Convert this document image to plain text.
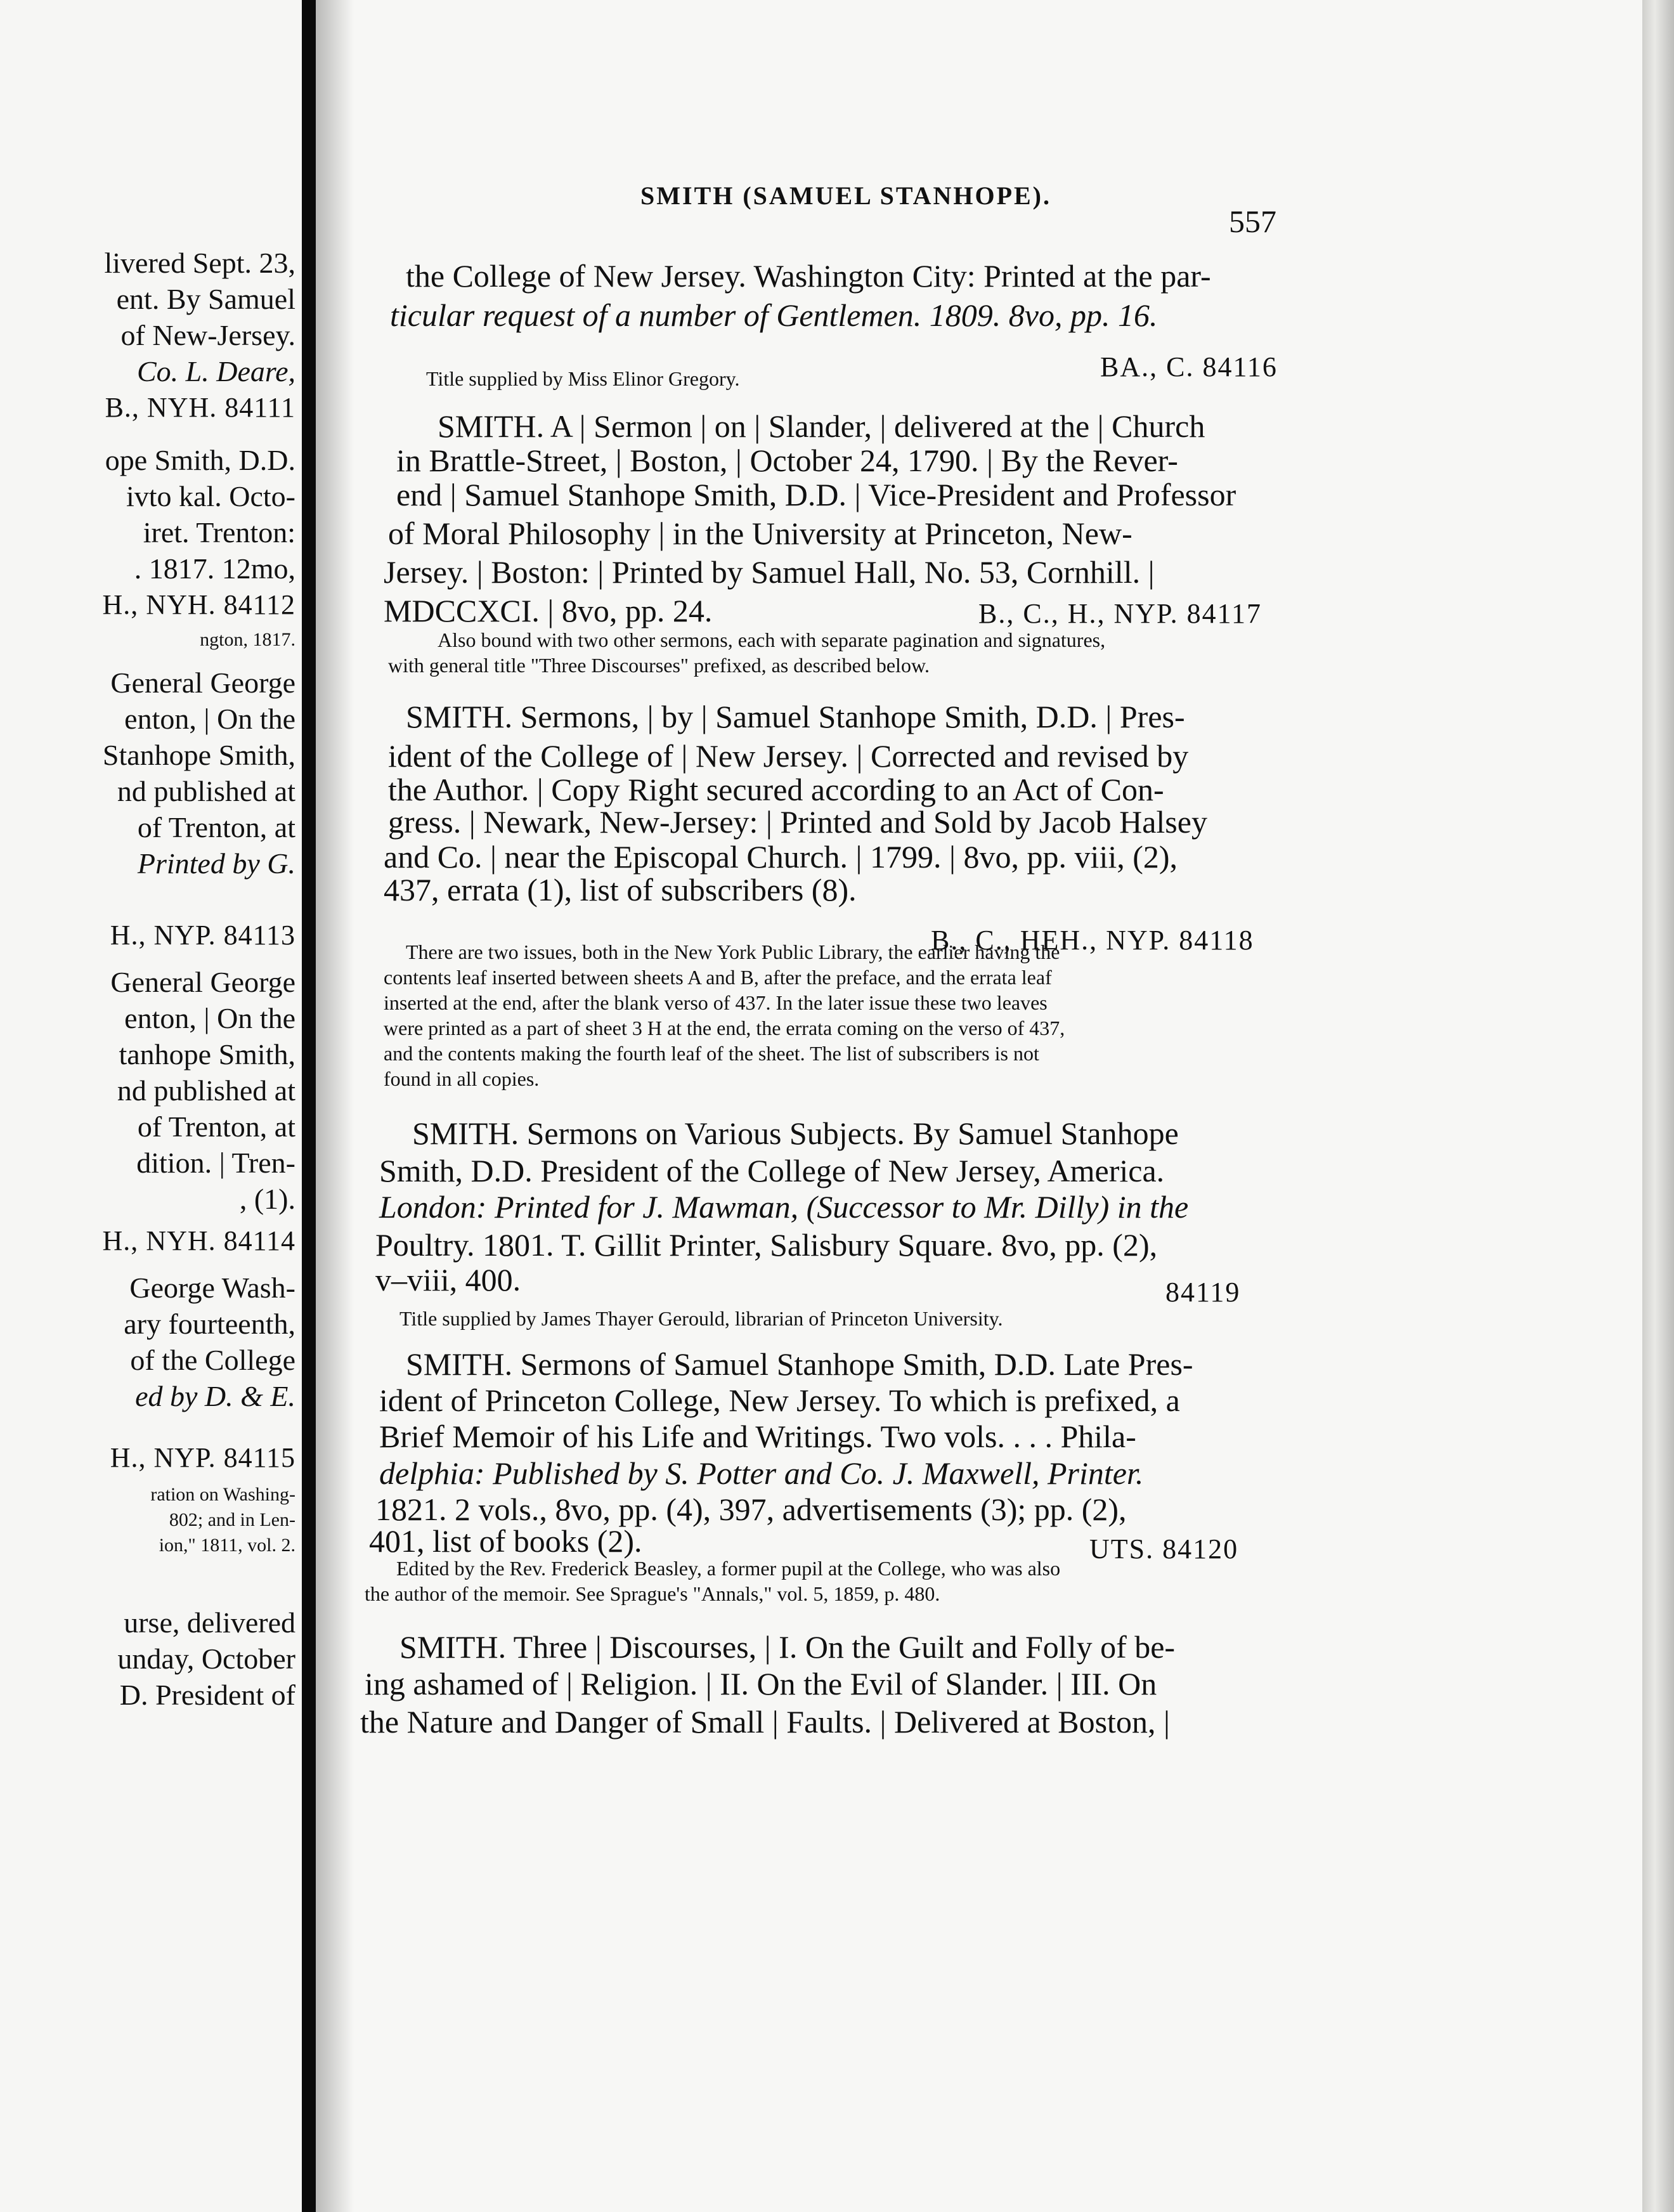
livered Sept. 23,
ent. By Samuel
of New-Jersey.
Co. L. Deare,
B., NYH. 84111
ope Smith, D.D.
ivto kal. Octo-
iret. Trenton:
. 1817. 12mo,
H., NYH. 84112
ngton, 1817.
General George
enton, | On the
Stanhope Smith,
nd published at
of Trenton, at
Printed by G.
H., NYP. 84113
General George
enton, | On the
tanhope Smith,
nd published at
of Trenton, at
dition. | Tren-
, (1).
H., NYH. 84114
George Wash-
ary fourteenth,
of the College
ed by D. & E.
H., NYP. 84115
ration on Washing-
802; and in Len-
ion," 1811, vol. 2.
urse, delivered
unday, October
D. President of
SMITH (SAMUEL STANHOPE).
557
the College of New Jersey. Washington City: Printed at the par-
ticular request of a number of Gentlemen. 1809. 8vo, pp. 16.
BA., C. 84116
Title supplied by Miss Elinor Gregory.
SMITH. A | Sermon | on | Slander, | delivered at the | Church
in Brattle-Street, | Boston, | October 24, 1790. | By the Rever-
end | Samuel Stanhope Smith, D.D. | Vice-President and Professor
of Moral Philosophy | in the University at Princeton, New-
Jersey. | Boston: | Printed by Samuel Hall, No. 53, Cornhill. |
MDCCXCI. | 8vo, pp. 24.	B., C., H., NYP. 84117
Also bound with two other sermons, each with separate pagination and signatures,
with general title "Three Discourses" prefixed, as described below.
SMITH. Sermons, | by | Samuel Stanhope Smith, D.D. | Pres-
ident of the College of | New Jersey. | Corrected and revised by
the Author. | Copy Right secured according to an Act of Con-
gress. | Newark, New-Jersey: | Printed and Sold by Jacob Halsey
and Co. | near the Episcopal Church. | 1799. | 8vo, pp. viii, (2),
437, errata (1), list of subscribers (8).
B., C., HEH., NYP. 84118
There are two issues, both in the New York Public Library, the earlier having the
contents leaf inserted between sheets A and B, after the preface, and the errata leaf
inserted at the end, after the blank verso of 437. In the later issue these two leaves
were printed as a part of sheet 3 H at the end, the errata coming on the verso of 437,
and the contents making the fourth leaf of the sheet. The list of subscribers is not
found in all copies.
SMITH. Sermons on Various Subjects. By Samuel Stanhope
Smith, D.D. President of the College of New Jersey, America.
London: Printed for J. Mawman, (Successor to Mr. Dilly) in the
Poultry. 1801. T. Gillit Printer, Salisbury Square. 8vo, pp. (2),
v–viii, 400.	84119
Title supplied by James Thayer Gerould, librarian of Princeton University.
SMITH. Sermons of Samuel Stanhope Smith, D.D. Late Pres-
ident of Princeton College, New Jersey. To which is prefixed, a
Brief Memoir of his Life and Writings. Two vols. . . . Phila-
delphia: Published by S. Potter and Co. J. Maxwell, Printer.
1821. 2 vols., 8vo, pp. (4), 397, advertisements (3); pp. (2),
401, list of books (2).	UTS. 84120
Edited by the Rev. Frederick Beasley, a former pupil at the College, who was also
the author of the memoir. See Sprague's "Annals," vol. 5, 1859, p. 480.
SMITH. Three | Discourses, | I. On the Guilt and Folly of be-
ing ashamed of | Religion. | II. On the Evil of Slander. | III. On
the Nature and Danger of Small | Faults. | Delivered at Boston, |
